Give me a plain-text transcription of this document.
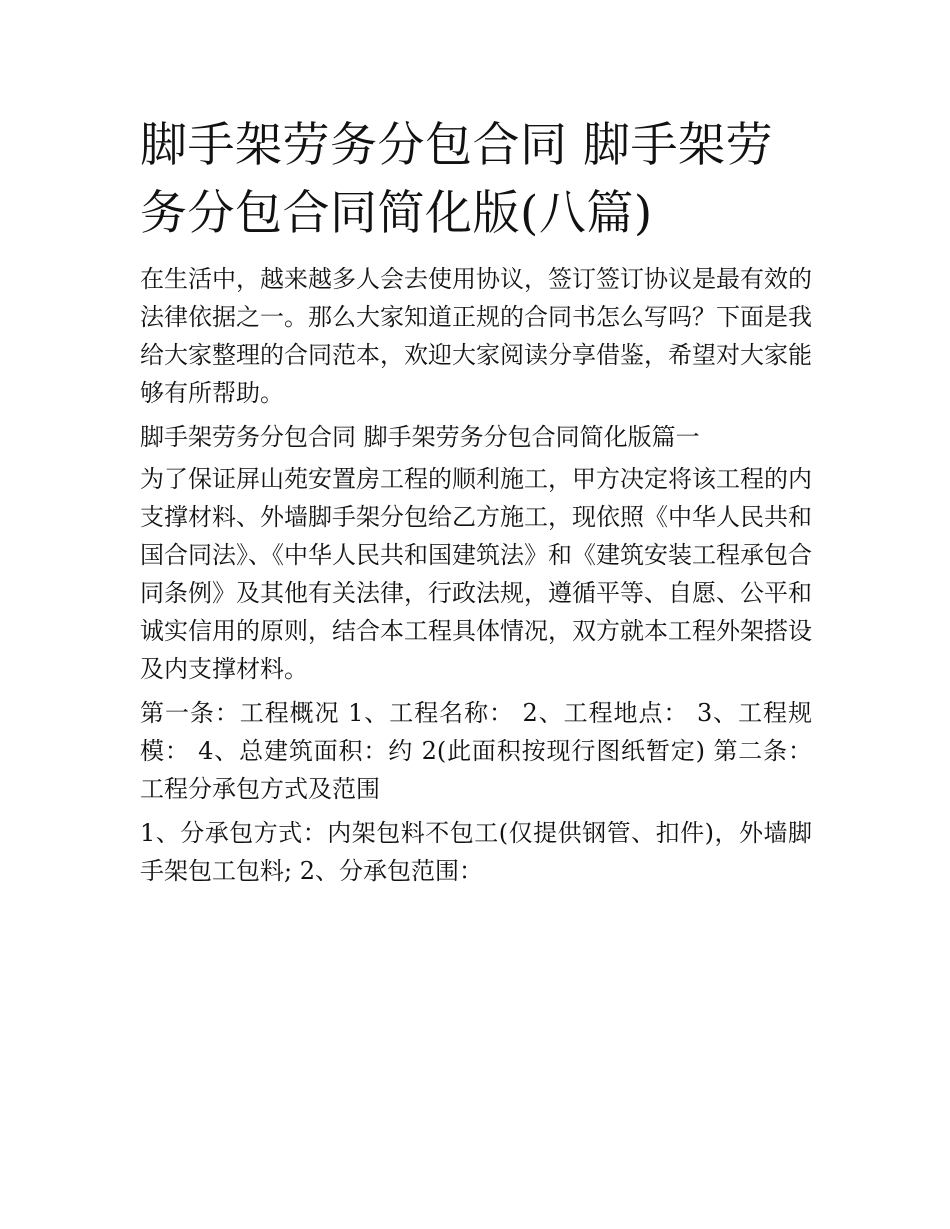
脚手架劳务分包合同 脚手架劳务分包合同简化版(八篇)

在生活中，越来越多人会去使用协议，签订签订协议是最有效的法律依据之一。那么大家知道正规的合同书怎么写吗？下面是我给大家整理的合同范本，欢迎大家阅读分享借鉴，希望对大家能够有所帮助。

脚手架劳务分包合同 脚手架劳务分包合同简化版篇一

为了保证屏山苑安置房工程的顺利施工，甲方决定将该工程的内支撑材料、外墙脚手架分包给乙方施工，现依照《中华人民共和国合同法》、《中华人民共和国建筑法》和《建筑安装工程承包合同条例》及其他有关法律，行政法规，遵循平等、自愿、公平和诚实信用的原则，结合本工程具体情况，双方就本工程外架搭设及内支撑材料。

第一条：工程概况 1、工程名称： 2、工程地点： 3、工程规模： 4、总建筑面积：约 2(此面积按现行图纸暂定) 第二条：工程分承包方式及范围

1、分承包方式：内架包料不包工(仅提供钢管、扣件)，外墙脚手架包工包料; 2、分承包范围：
